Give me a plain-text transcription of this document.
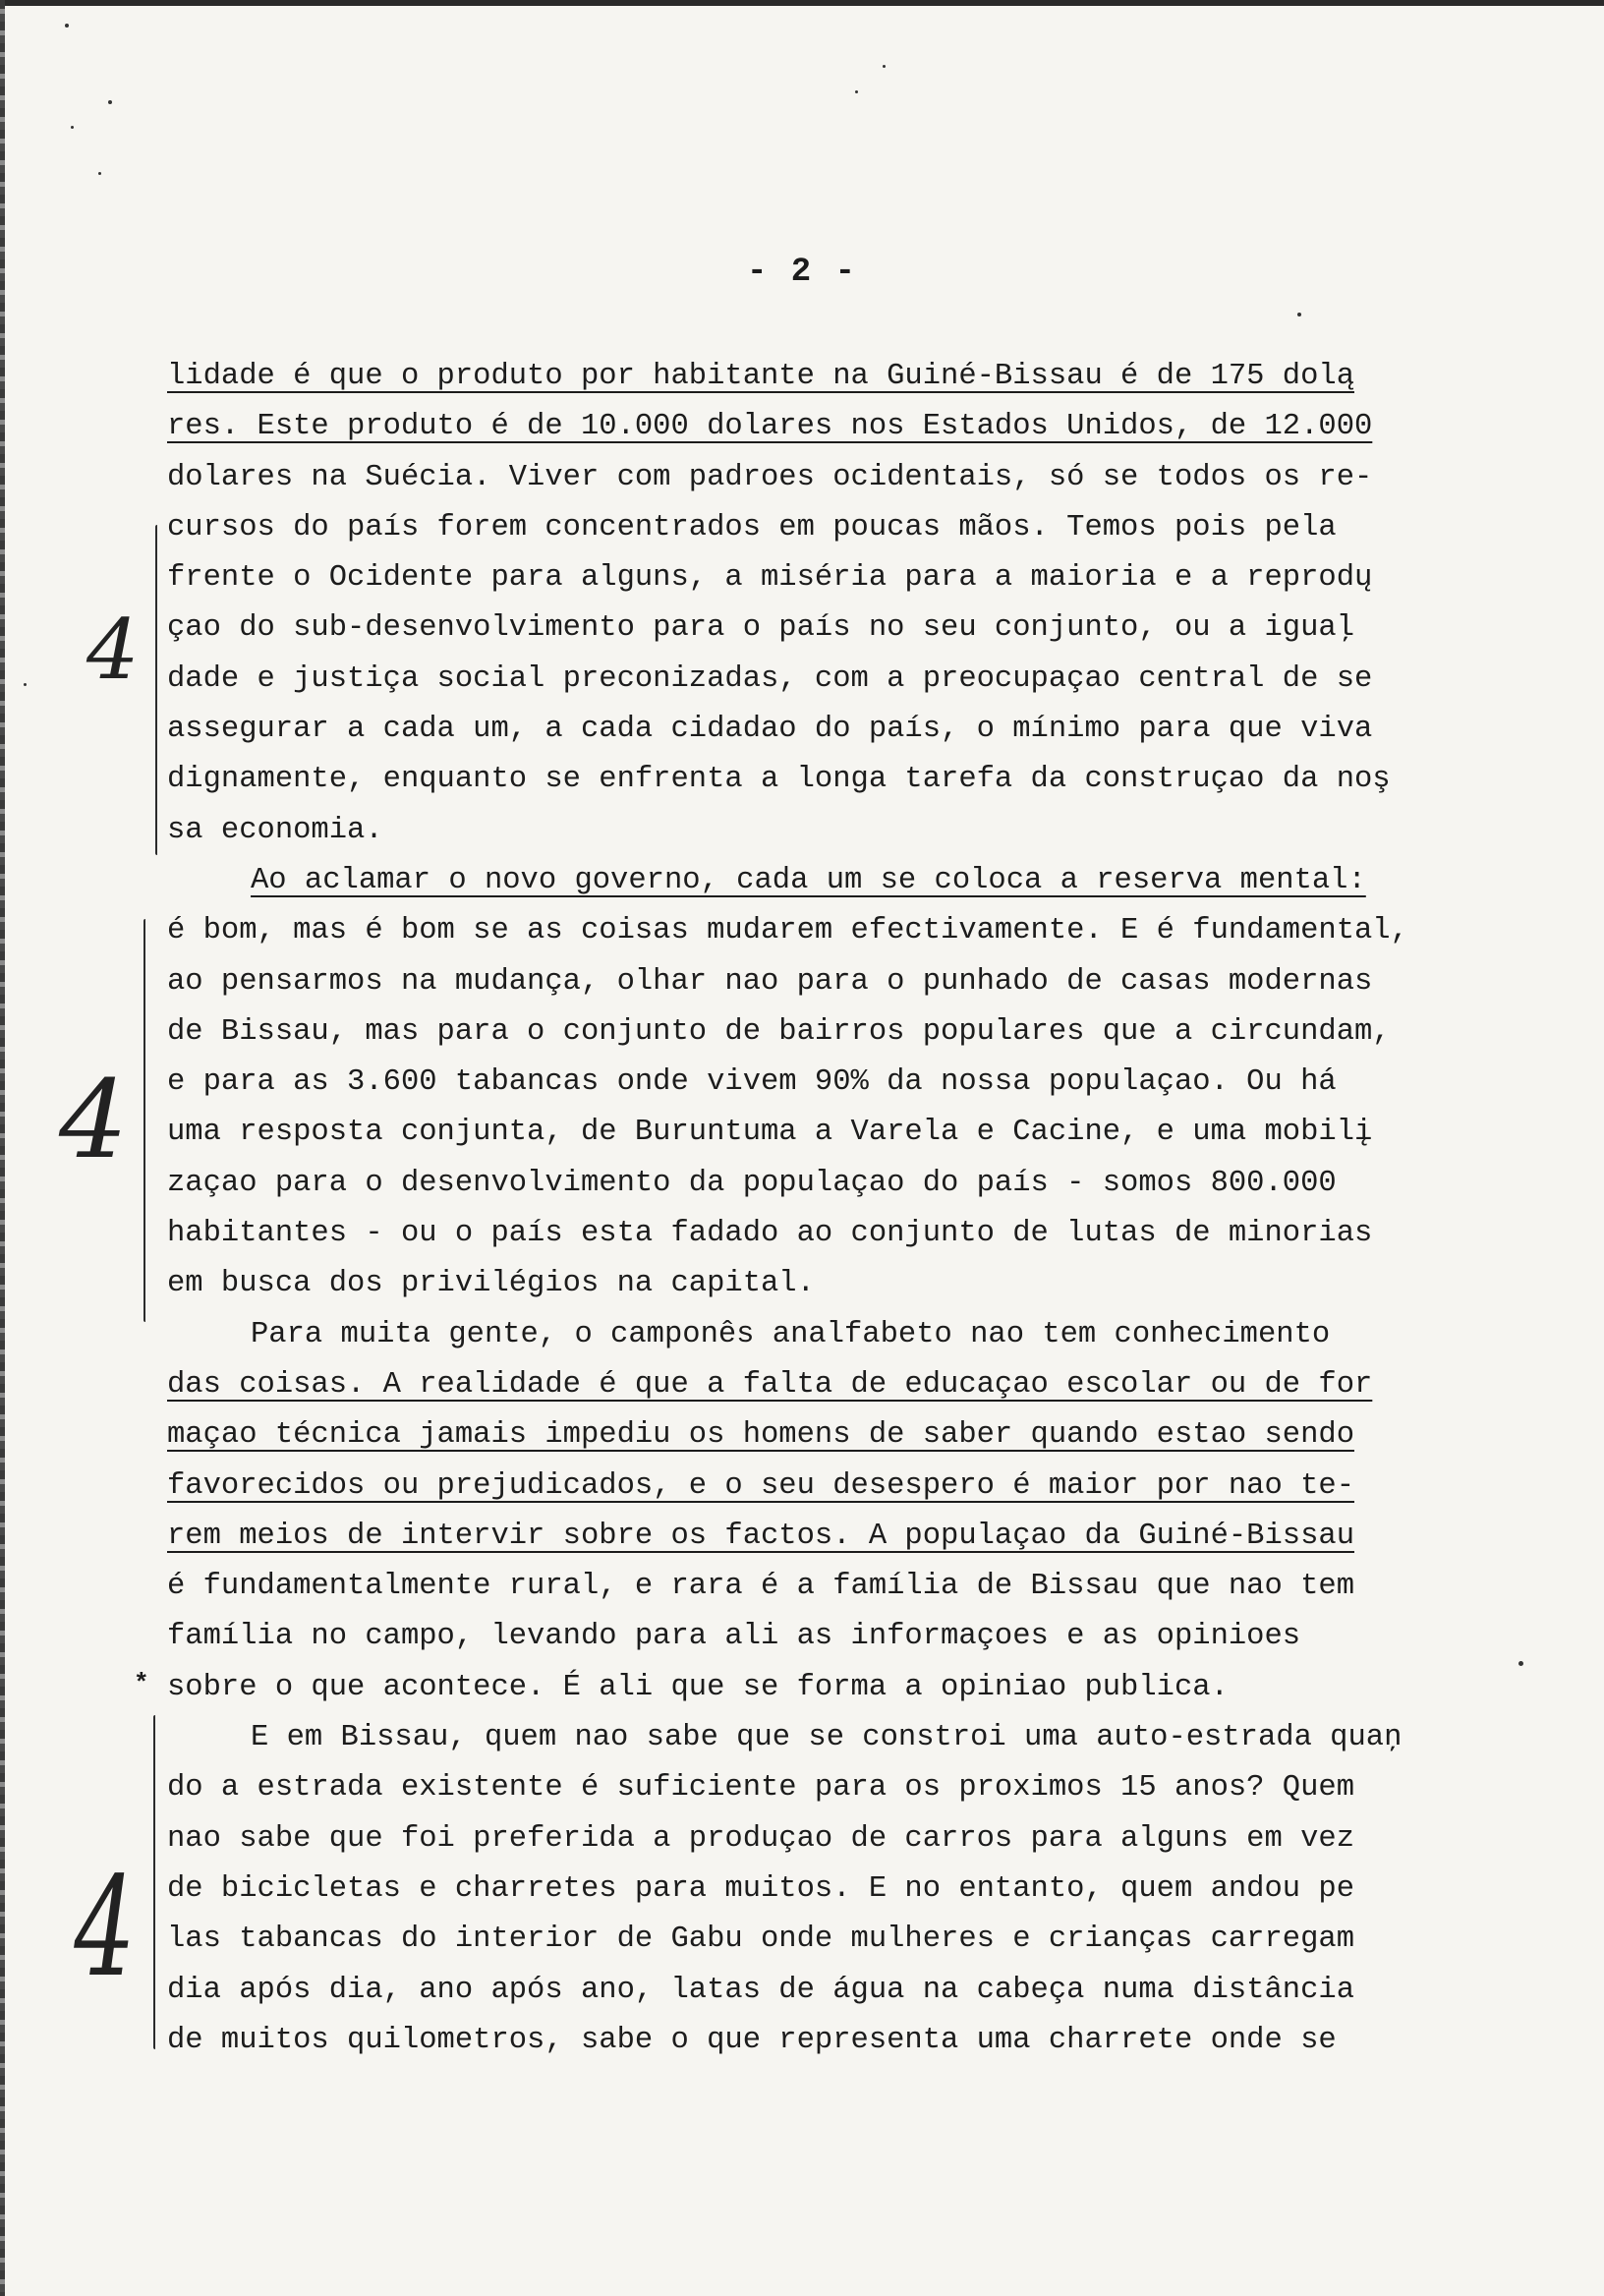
- 2 -
4
4
4
*
lidade é que o produto por habitante na Guiné-Bissau é de 175 dolą
res. Este produto é de 10.000 dolares nos Estados Unidos, de 12.000
dolares na Suécia. Viver com padroes ocidentais, só se todos os re-
cursos do país forem concentrados em poucas mãos. Temos pois pela
frente o Ocidente para alguns, a miséria para a maioria e a reprodų
çao do sub-desenvolvimento para o país no seu conjunto, ou a iguaļ
dade e justiça social preconizadas, com a preocupaçao central de se
assegurar a cada um, a cada cidadao do país, o mínimo para que viva
dignamente, enquanto se enfrenta a longa tarefa da construçao da noş
sa economia.
Ao aclamar o novo governo, cada um se coloca a reserva mental:
é bom, mas é bom se as coisas mudarem efectivamente. E é fundamental,
ao pensarmos na mudança, olhar nao para o punhado de casas modernas
de Bissau, mas para o conjunto de bairros populares que a circundam,
e para as 3.600 tabancas onde vivem 90% da nossa populaçao. Ou há
uma resposta conjunta, de Buruntuma a Varela e Cacine, e uma mobilį
zaçao para o desenvolvimento da populaçao do país - somos 800.000
habitantes - ou o país esta fadado ao conjunto de lutas de minorias
em busca dos privilégios na capital.
Para muita gente, o camponês analfabeto nao tem conhecimento
das coisas. A realidade é que a falta de educaçao escolar ou de for
maçao técnica jamais impediu os homens de saber quando estao sendo
favorecidos ou prejudicados, e o seu desespero é maior por nao te-
rem meios de intervir sobre os factos. A populaçao da Guiné-Bissau
é fundamentalmente rural, e rara é a família de Bissau que nao tem
família no campo, levando para ali as informaçoes e as opinioes
sobre o que acontece. É ali que se forma a opiniao publica.
E em Bissau, quem nao sabe que se constroi uma auto-estrada quaņ
do a estrada existente é suficiente para os proximos 15 anos? Quem
nao sabe que foi preferida a produçao de carros para alguns em vez
de bicicletas e charretes para muitos. E no entanto, quem andou pe
las tabancas do interior de Gabu onde mulheres e crianças carregam
dia após dia, ano após ano, latas de água na cabeça numa distância
de muitos quilometros, sabe o que representa uma charrete onde se
